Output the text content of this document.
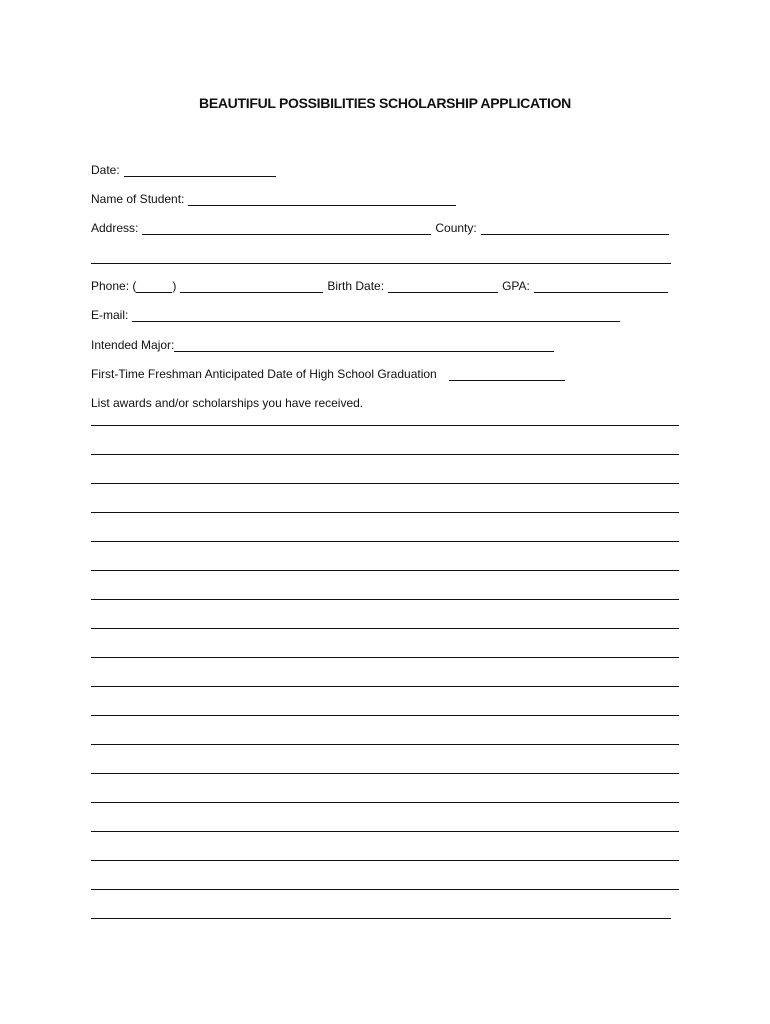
BEAUTIFUL POSSIBILITIES SCHOLARSHIP APPLICATION
Date:
Name of Student:
Address:	County:
Phone: (	)	Birth Date:	GPA:
E-mail:
Intended Major:
First-Time Freshman Anticipated Date of High School Graduation
List awards and/or scholarships you have received.
